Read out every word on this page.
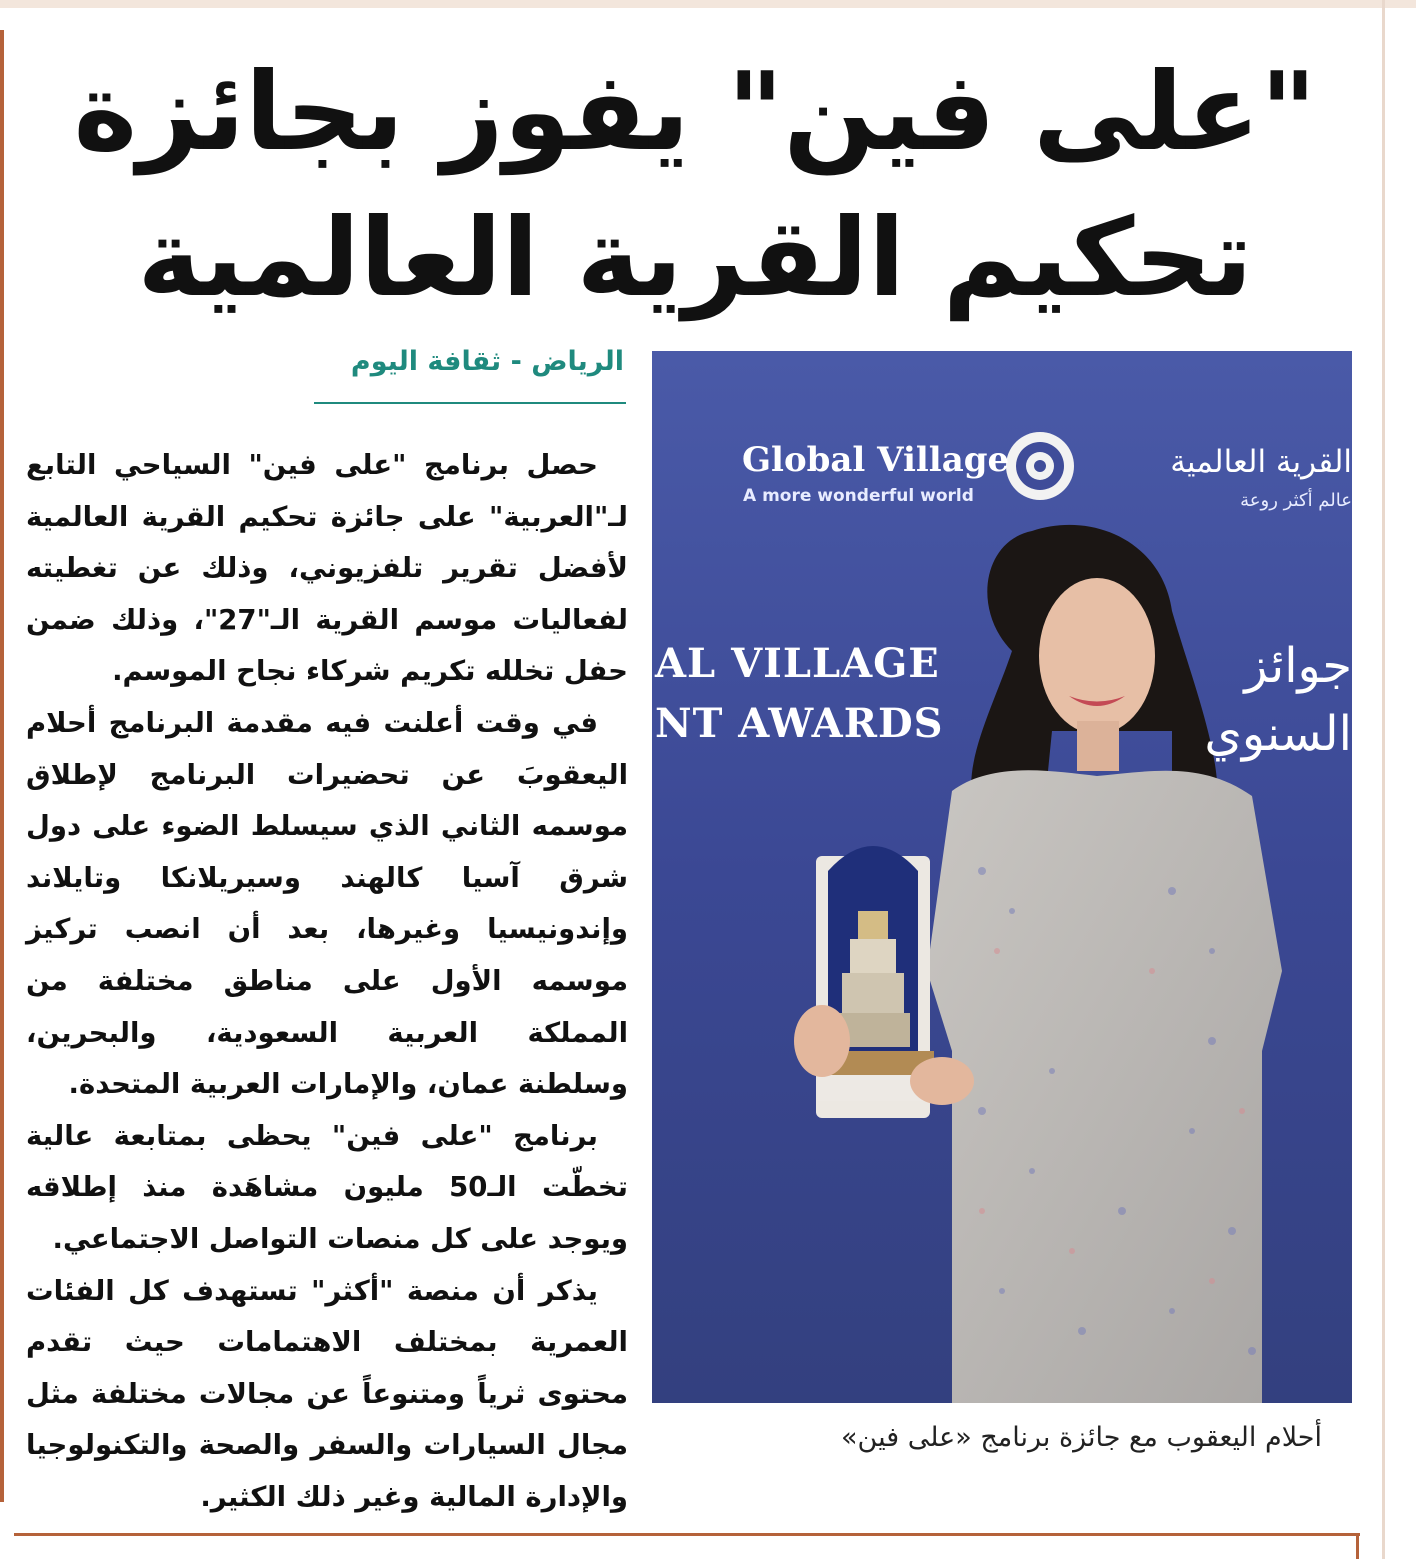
"على فين" يفوز بجائزة
تحكيم القرية العالمية
الرياض - ثقافة اليوم

حصل برنامج "على فين" السياحي التابع لـ"العربية" على جائزة تحكيم القرية العالمية لأفضل تقرير تلفزيوني، وذلك عن تغطيته لفعاليات موسم القرية الـ"27"، وذلك ضمن حفل تخلله تكريم شركاء نجاح الموسم.

في وقت أعلنت فيه مقدمة البرنامج أحلام اليعقوبَ عن تحضيرات البرنامج لإطلاق موسمه الثاني الذي سيسلط الضوء على دول شرق آسيا كالهند وسيريلانكا وتايلاند وإندونيسيا وغيرها، بعد أن انصب تركيز موسمه الأول على مناطق مختلفة من المملكة العربية السعودية، والبحرين، وسلطنة عمان، والإمارات العربية المتحدة.

برنامج "على فين" يحظى بمتابعة عالية تخطّت الـ50 مليون مشاهَدة منذ إطلاقه ويوجد على كل منصات التواصل الاجتماعي.

يذكر أن منصة "أكثر" تستهدف كل الفئات العمرية بمختلف الاهتمامات حيث تقدم محتوى ثرياً ومتنوعاً عن مجالات مختلفة مثل مجال السيارات والسفر والصحة والتكنولوجيا والإدارة المالية وغير ذلك الكثير.

Global Village
A more wonderful world
القرية العالمية
عالم أكثر روعة
AL VILLAGE
NT AWARDS
جوائز السنوي
أحلام اليعقوب مع جائزة برنامج «على فين»
